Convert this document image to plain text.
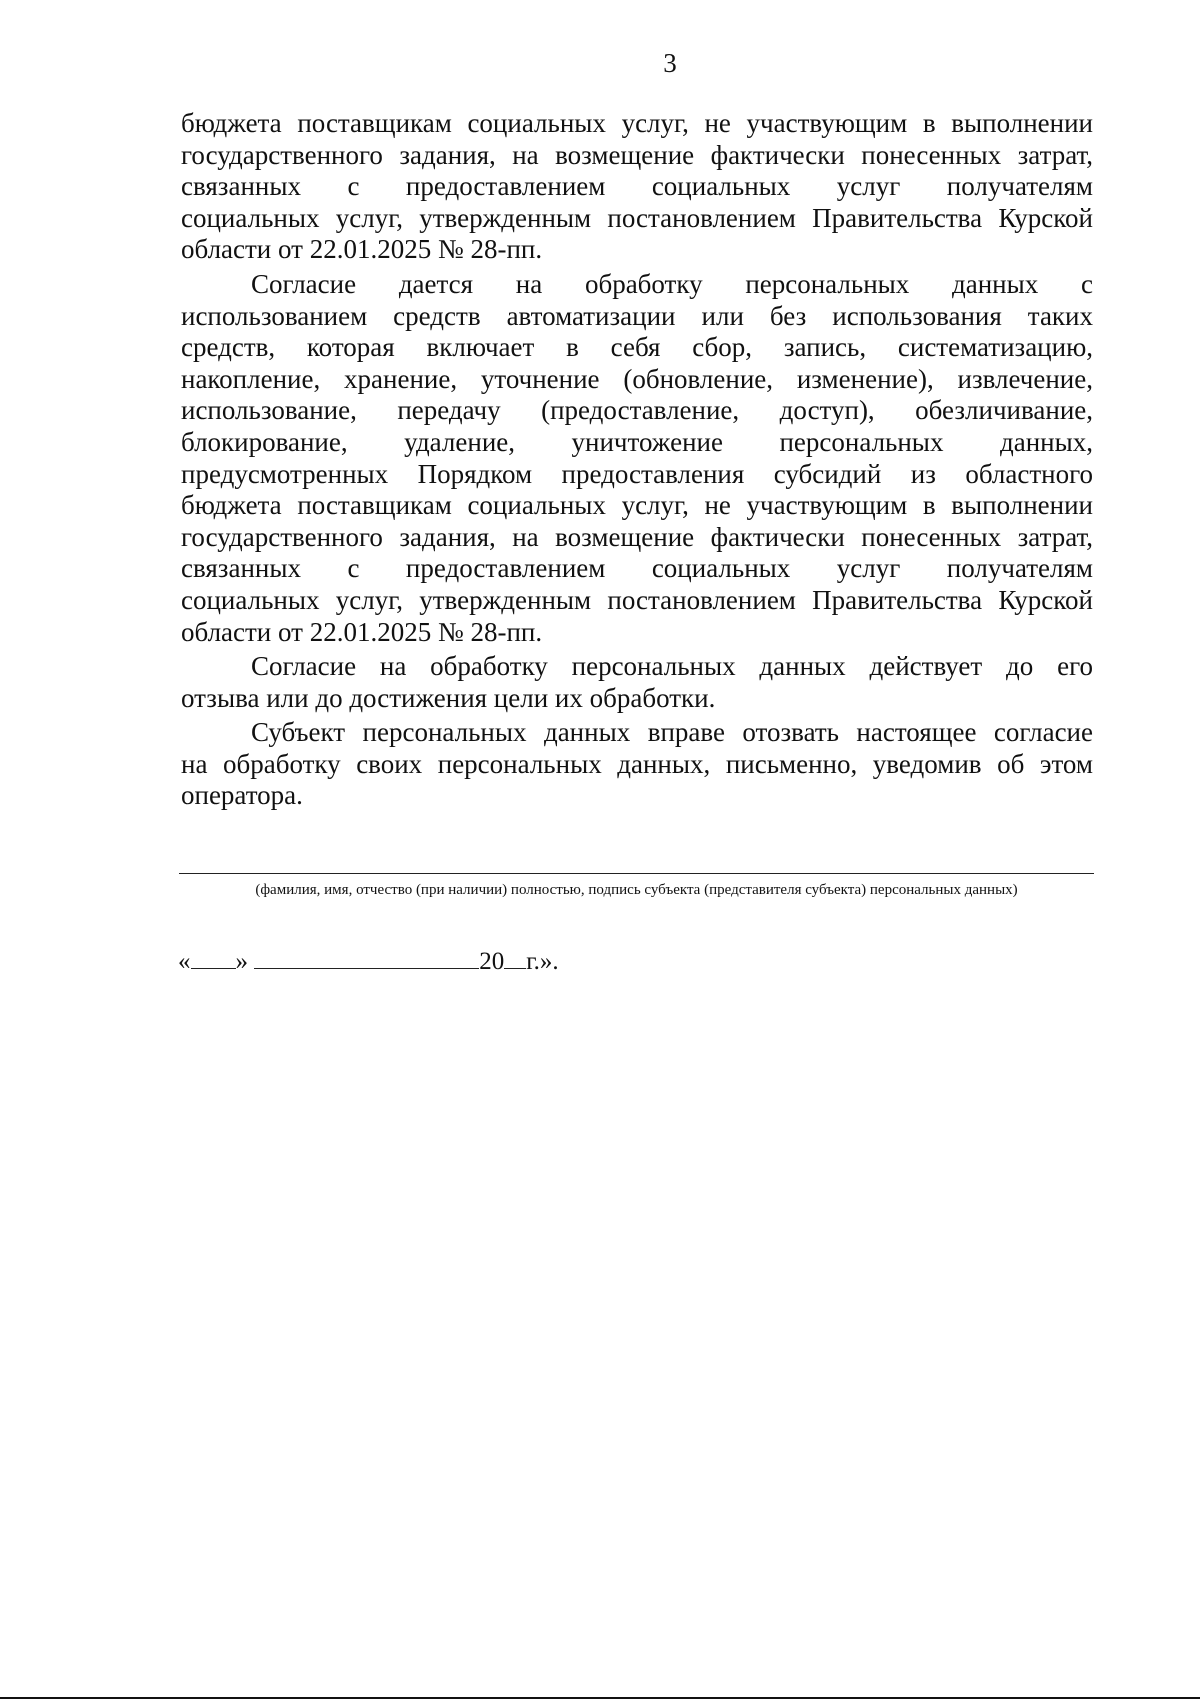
3
бюджета поставщикам социальных услуг, не участвующим в выполнении
государственного задания, на возмещение фактически понесенных затрат,
связанных с предоставлением социальных услуг получателям
социальных услуг, утвержденным постановлением Правительства Курской
области от 22.01.2025 № 28-пп.
Согласие дается на обработку персональных данных с
использованием средств автоматизации или без использования таких
средств, которая включает в себя сбор, запись, систематизацию,
накопление, хранение, уточнение (обновление, изменение), извлечение,
использование, передачу (предоставление, доступ), обезличивание,
блокирование, удаление, уничтожение персональных данных,
предусмотренных Порядком предоставления субсидий из областного
бюджета поставщикам социальных услуг, не участвующим в выполнении
государственного задания, на возмещение фактически понесенных затрат,
связанных с предоставлением социальных услуг получателям
социальных услуг, утвержденным постановлением Правительства Курской
области от 22.01.2025 № 28-пп.
Согласие на обработку персональных данных действует до его
отзыва или до достижения цели их обработки.
Субъект персональных данных вправе отозвать настоящее согласие
на обработку своих персональных данных, письменно, уведомив об этом
оператора.
(фамилия, имя, отчество (при наличии) полностью, подпись субъекта (представителя субъекта) персональных данных)
« »	20 г.».
